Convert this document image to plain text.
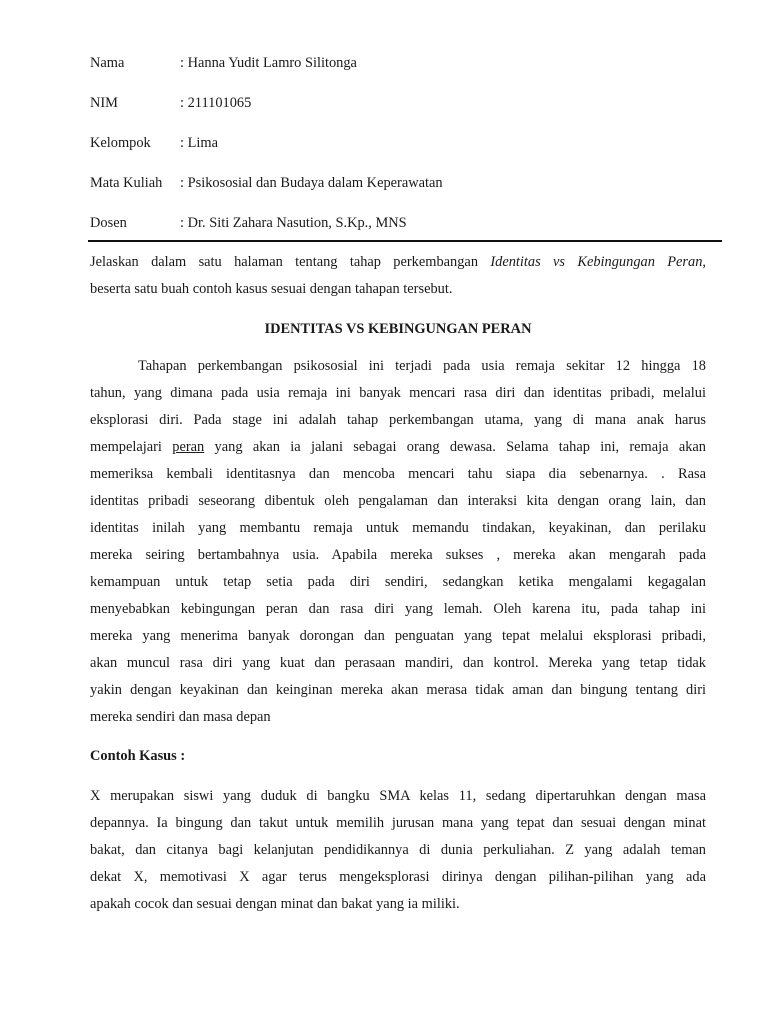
Nama	: Hanna Yudit Lamro Silitonga
NIM	: 211101065
Kelompok	: Lima
Mata Kuliah	: Psikososial dan Budaya dalam Keperawatan
Dosen	: Dr. Siti Zahara Nasution, S.Kp., MNS
Jelaskan dalam satu halaman tentang tahap perkembangan Identitas vs Kebingungan Peran,
beserta satu buah contoh kasus sesuai dengan tahapan tersebut.
IDENTITAS VS KEBINGUNGAN PERAN
Tahapan perkembangan psikososial ini terjadi pada usia remaja sekitar 12 hingga 18
tahun, yang dimana pada usia remaja ini banyak mencari rasa diri dan identitas pribadi, melalui
eksplorasi diri. Pada stage ini adalah tahap perkembangan utama, yang di mana anak harus
mempelajari peran yang akan ia jalani sebagai orang dewasa. Selama tahap ini, remaja akan
memeriksa kembali identitasnya dan mencoba mencari tahu siapa dia sebenarnya. . Rasa
identitas pribadi seseorang dibentuk oleh pengalaman dan interaksi kita dengan orang lain, dan
identitas inilah yang membantu remaja untuk memandu tindakan, keyakinan, dan perilaku
mereka seiring bertambahnya usia. Apabila mereka sukses , mereka akan mengarah pada
kemampuan untuk tetap setia pada diri sendiri, sedangkan ketika mengalami kegagalan
menyebabkan kebingungan peran dan rasa diri yang lemah. Oleh karena itu, pada tahap ini
mereka yang menerima banyak dorongan dan penguatan yang tepat melalui eksplorasi pribadi,
akan muncul rasa diri yang kuat dan perasaan mandiri, dan kontrol. Mereka yang tetap tidak
yakin dengan keyakinan dan keinginan mereka akan merasa tidak aman dan bingung tentang diri
mereka sendiri dan masa depan
Contoh Kasus :
X merupakan siswi yang duduk di bangku SMA kelas 11, sedang dipertaruhkan dengan masa
depannya. Ia bingung dan takut untuk memilih jurusan mana yang tepat dan sesuai dengan minat
bakat, dan citanya bagi kelanjutan pendidikannya di dunia perkuliahan. Z yang adalah teman
dekat X, memotivasi X agar terus mengeksplorasi dirinya dengan pilihan-pilihan yang ada
apakah cocok dan sesuai dengan minat dan bakat yang ia miliki.
